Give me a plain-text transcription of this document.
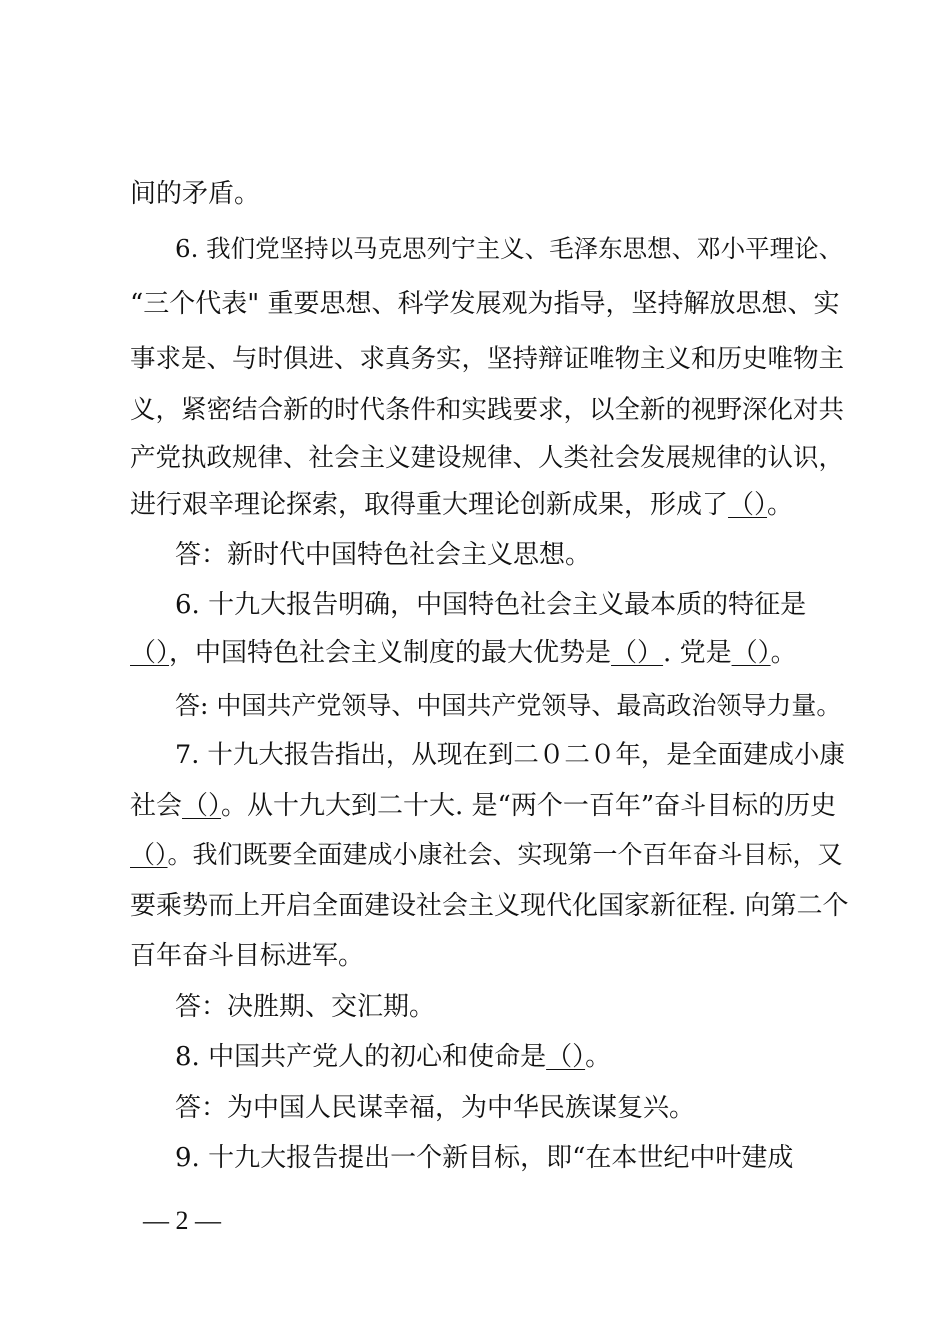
间的矛盾。
6. 我们党坚持以马克思列宁主义、毛泽东思想、邓小平理论、
“三个代表" 重要思想、科学发展观为指导，坚持解放思想、实
事求是、与时俱进、求真务实，坚持辩证唯物主义和历史唯物主
义，紧密结合新的时代条件和实践要求，以全新的视野深化对共
产党执政规律、社会主义建设规律、人类社会发展规律的认识，
进行艰辛理论探索，取得重大理论创新成果，形成了（）。
答：新时代中国特色社会主义思想。
6. 十九大报告明确，中国特色社会主义最本质的特征是
（），中国特色社会主义制度的最大优势是（）. 党是（）。
答: 中国共产党领导、中国共产党领导、最高政治领导力量。
7. 十九大报告指出，从现在到二０二０年，是全面建成小康
社会（）。从十九大到二十大. 是“两个一百年”奋斗目标的历史
（）。我们既要全面建成小康社会、实现第一个百年奋斗目标，又
要乘势而上开启全面建设社会主义现代化国家新征程. 向第二个
百年奋斗目标进军。
答：决胜期、交汇期。
8. 中国共产党人的初心和使命是（）。
答：为中国人民谋幸福，为中华民族谋复兴。
9. 十九大报告提出一个新目标，即“在本世纪中叶建成
— 2 —
